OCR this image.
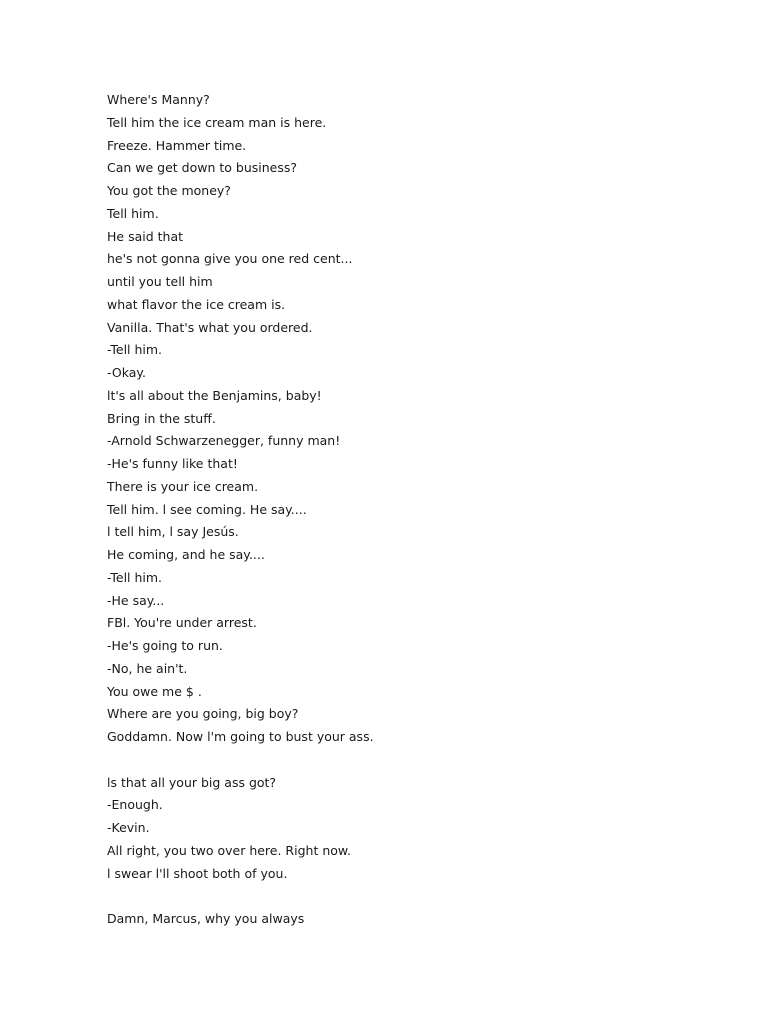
Where's Manny?
Tell him the ice cream man is here.
Freeze. Hammer time.
Can we get down to business?
You got the money?
Tell him.
He said that
he's not gonna give you one red cent...
until you tell him
what flavor the ice cream is.
Vanilla. That's what you ordered.
-Tell him.
-Okay.
lt's all about the Benjamins, baby!
Bring in the stuff.
-Arnold Schwarzenegger, funny man!
-He's funny like that!
There is your ice cream.
Tell him. l see coming. He say....
l tell him, l say Jesús.
He coming, and he say....
-Tell him.
-He say...
FBl. You're under arrest.
-He's going to run.
-No, he ain't.
You owe me $ .
Where are you going, big boy?
Goddamn. Now l'm going to bust your ass.
ls that all your big ass got?
-Enough.
-Kevin.
All right, you two over here. Right now.
l swear l'll shoot both of you.
Damn, Marcus, why you always
